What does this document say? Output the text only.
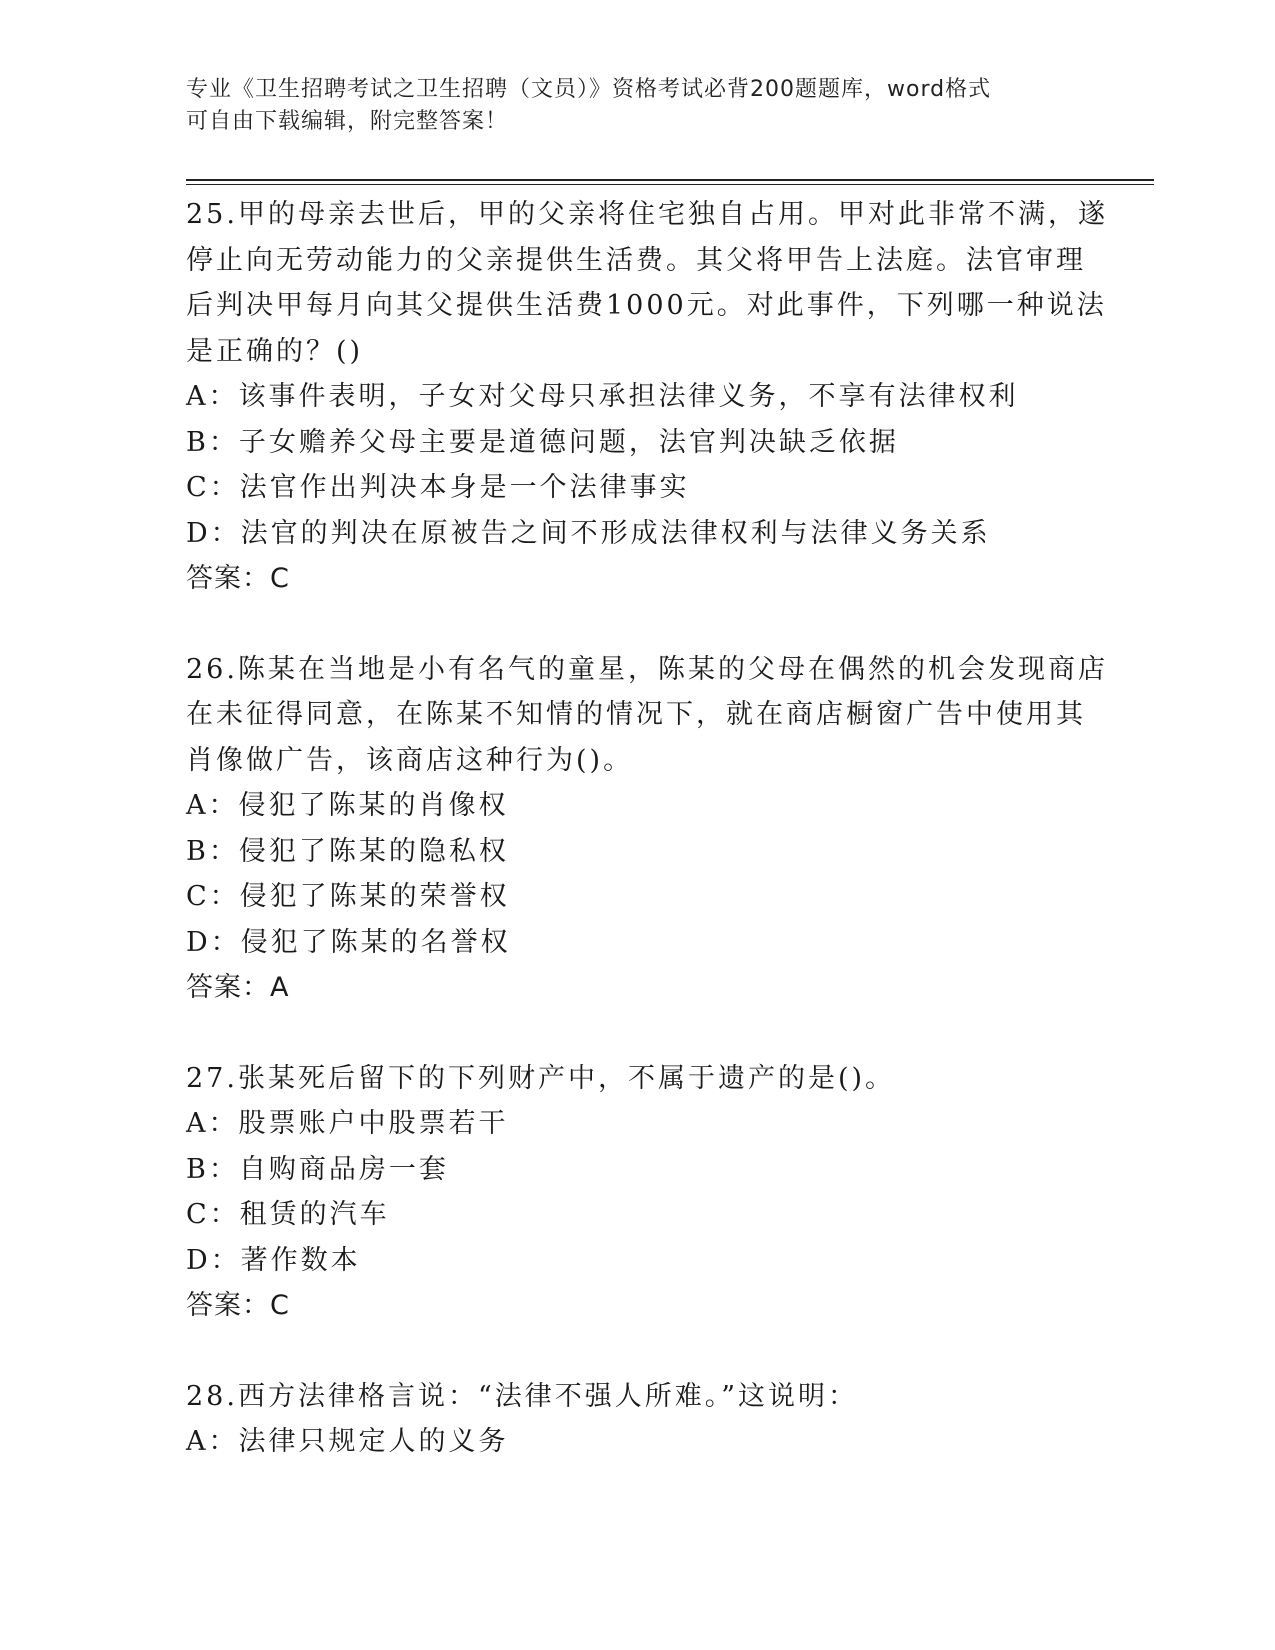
专业《卫生招聘考试之卫生招聘（文员）》资格考试必背200题题库，word格式
可自由下载编辑，附完整答案！
25.甲的母亲去世后，甲的父亲将住宅独自占用。甲对此非常不满，遂
停止向无劳动能力的父亲提供生活费。其父将甲告上法庭。法官审理
后判决甲每月向其父提供生活费1000元。对此事件，下列哪一种说法
是正确的？()
A：该事件表明，子女对父母只承担法律义务，不享有法律权利
B：子女赡养父母主要是道德问题，法官判决缺乏依据
C：法官作出判决本身是一个法律事实
D：法官的判决在原被告之间不形成法律权利与法律义务关系
答案：C
26.陈某在当地是小有名气的童星，陈某的父母在偶然的机会发现商店
在未征得同意，在陈某不知情的情况下，就在商店橱窗广告中使用其
肖像做广告，该商店这种行为()。
A：侵犯了陈某的肖像权
B：侵犯了陈某的隐私权
C：侵犯了陈某的荣誉权
D：侵犯了陈某的名誉权
答案：A
27.张某死后留下的下列财产中，不属于遗产的是()。
A：股票账户中股票若干
B：自购商品房一套
C：租赁的汽车
D：著作数本
答案：C
28.西方法律格言说：“法律不强人所难。”这说明：
A：法律只规定人的义务
